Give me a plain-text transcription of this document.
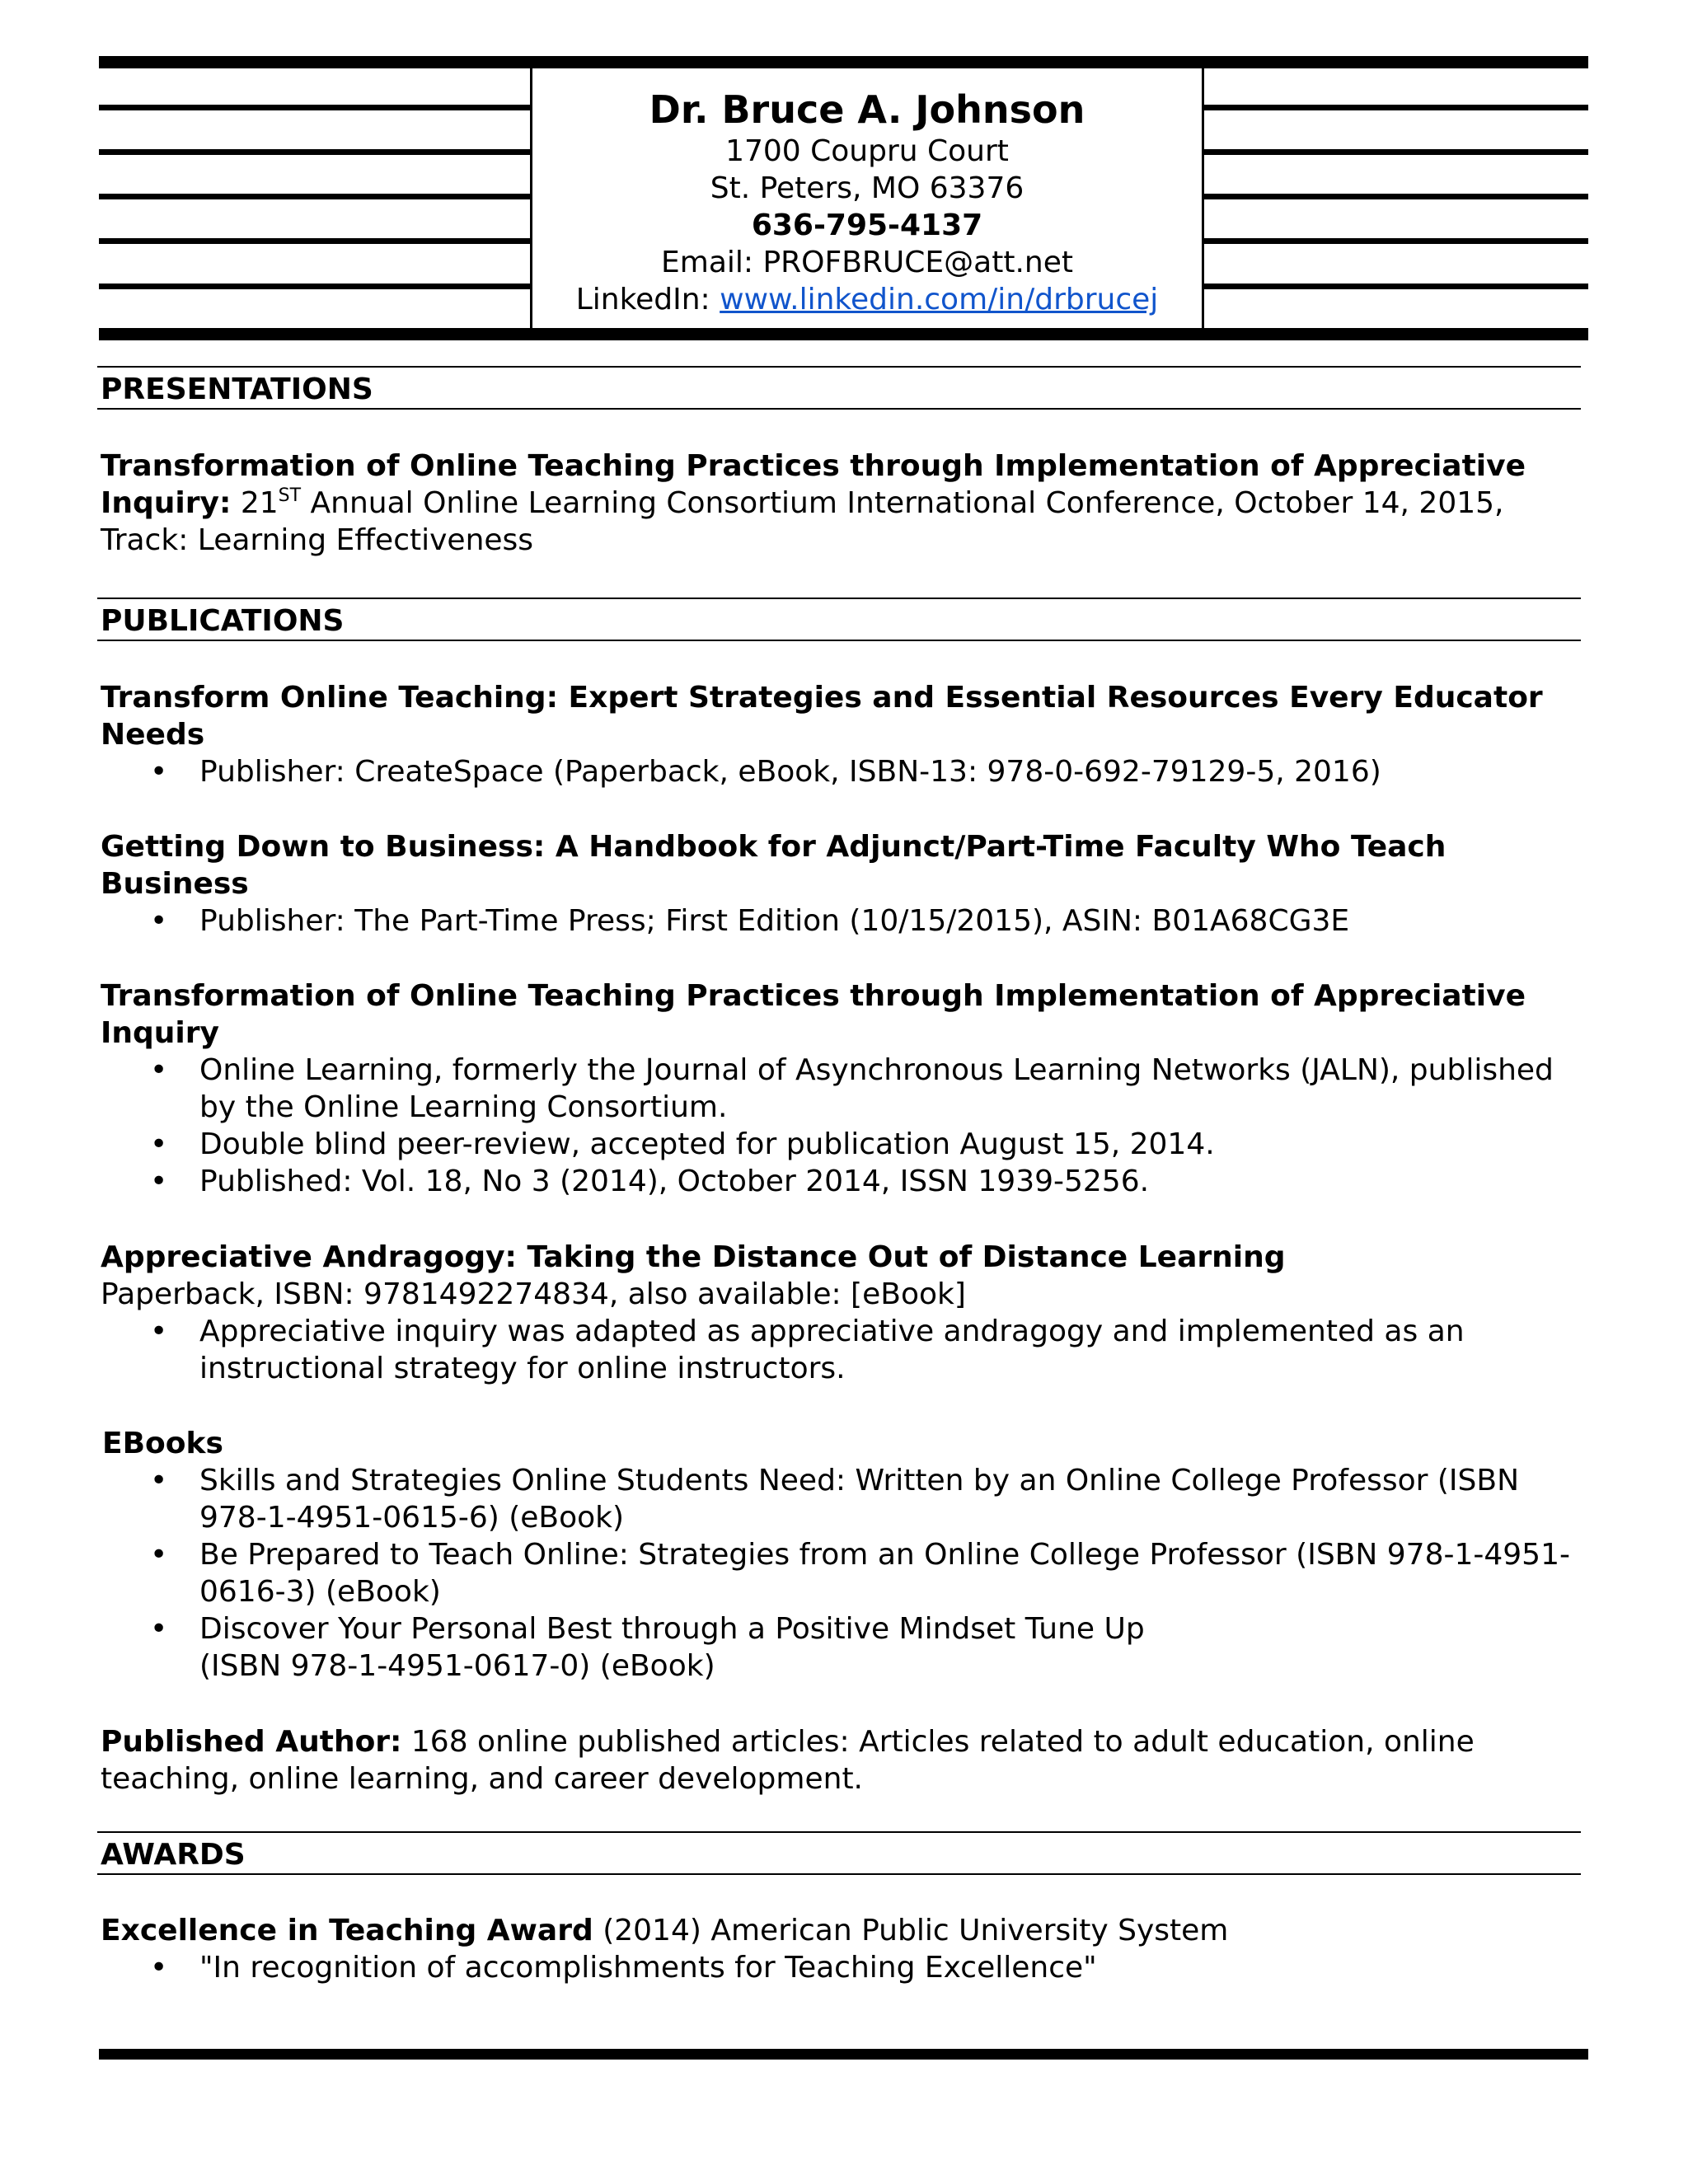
Dr. Bruce A. Johnson
1700 Coupru Court
St. Peters, MO 63376
636-795-4137
Email: PROFBRUCE@att.net
LinkedIn: www.linkedin.com/in/drbrucej
PRESENTATIONS
Transformation of Online Teaching Practices through Implementation of Appreciative
Inquiry: 21ST Annual Online Learning Consortium International Conference, October 14, 2015,
Track: Learning Effectiveness
PUBLICATIONS
Transform Online Teaching: Expert Strategies and Essential Resources Every Educator Needs
• Publisher: CreateSpace (Paperback, eBook, ISBN-13: 978-0-692-79129-5, 2016)
Getting Down to Business: A Handbook for Adjunct/Part-Time Faculty Who Teach Business
• Publisher: The Part-Time Press; First Edition (10/15/2015), ASIN: B01A68CG3E
Transformation of Online Teaching Practices through Implementation of Appreciative Inquiry
• Online Learning, formerly the Journal of Asynchronous Learning Networks (JALN), published by the Online Learning Consortium.
• Double blind peer-review, accepted for publication August 15, 2014.
• Published: Vol. 18, No 3 (2014), October 2014, ISSN 1939-5256.
Appreciative Andragogy: Taking the Distance Out of Distance Learning
Paperback, ISBN: 9781492274834, also available: [eBook]
• Appreciative inquiry was adapted as appreciative andragogy and implemented as an instructional strategy for online instructors.
EBooks
• Skills and Strategies Online Students Need: Written by an Online College Professor (ISBN 978-1-4951-0615-6) (eBook)
• Be Prepared to Teach Online: Strategies from an Online College Professor (ISBN 978-1-4951-0616-3) (eBook)
• Discover Your Personal Best through a Positive Mindset Tune Up
(ISBN 978-1-4951-0617-0) (eBook)
Published Author: 168 online published articles: Articles related to adult education, online teaching, online learning, and career development.
AWARDS
Excellence in Teaching Award (2014) American Public University System
• "In recognition of accomplishments for Teaching Excellence"
